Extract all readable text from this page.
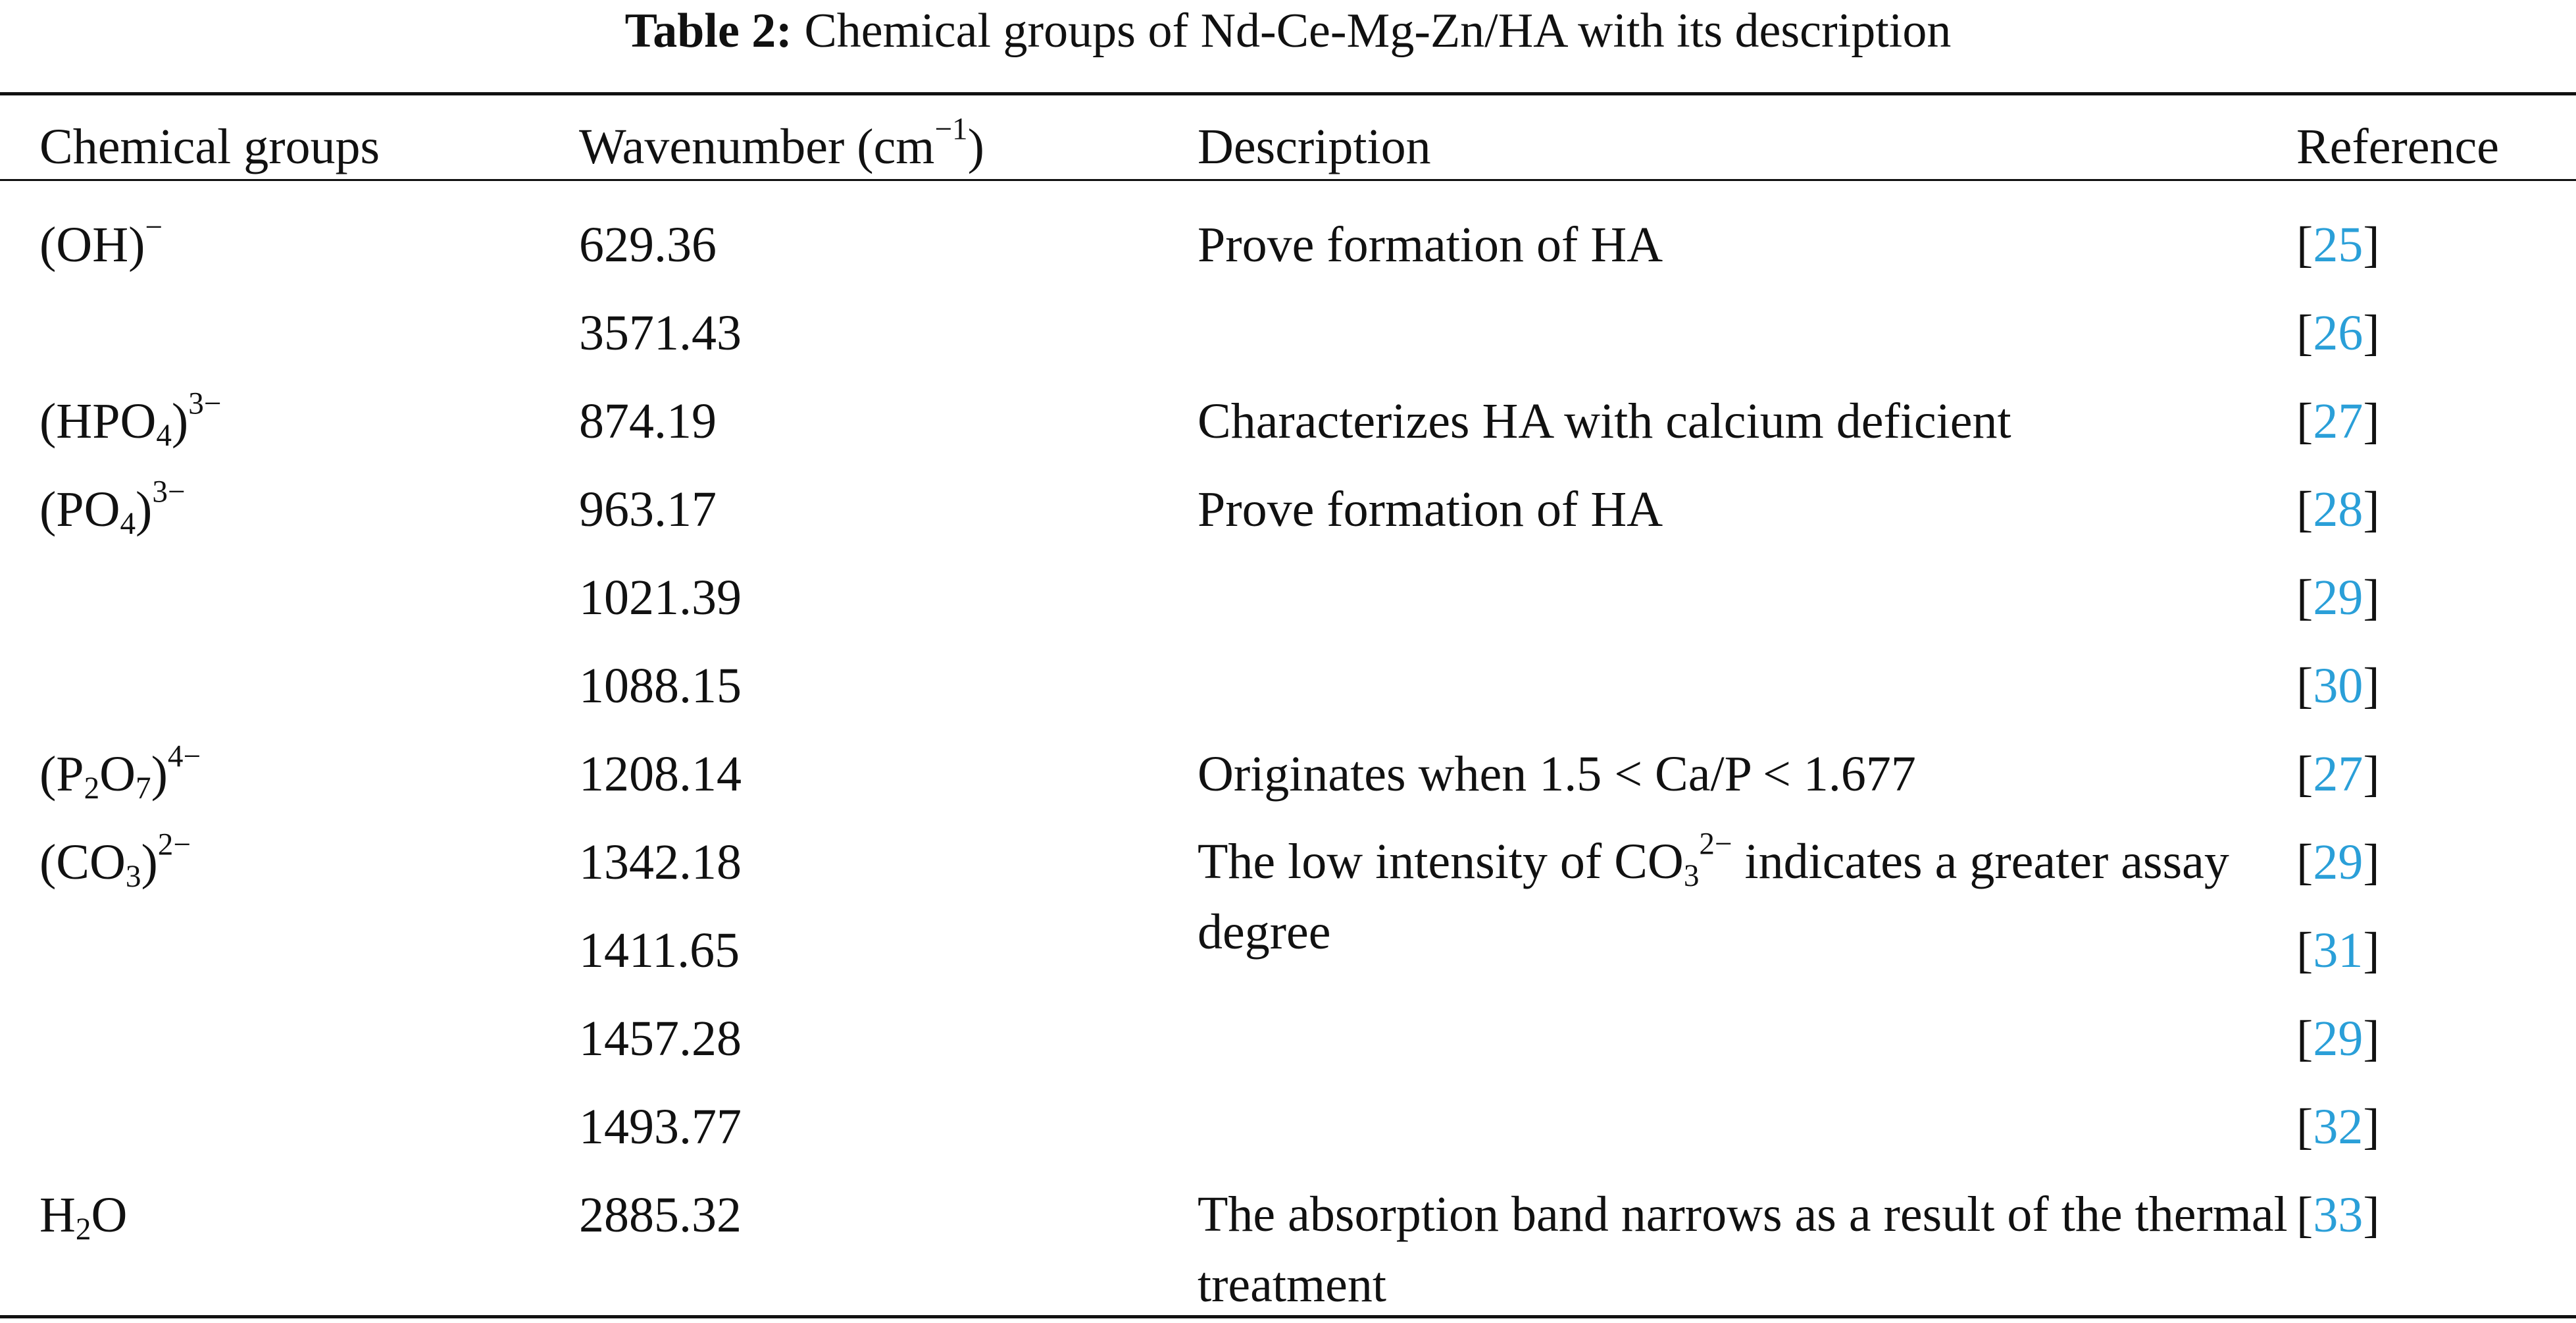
Table 2: Chemical groups of Nd-Ce-Mg-Zn/HA with its description
Chemical groups	Wavenumber $(cm^{-1})$	Description	Reference

(OH)−	629.36	Prove formation of HA	[25]
	3571.43		[26]
$(HPO_4)^{3-}$	874.19	Characterizes HA with calcium deficient	[27]
$(PO_4)^{3-}$	963.17	Prove formation of HA	[28]
	1021.39		[29]
	1088.15		[30]
$(P_2O_7)^{4-}$	1208.14	Originates when 1.5 < Ca/P < 1.677	[27]
$(CO_3)^{2-}$	1342.18	The low intensity of $CO_3^{2-}$ indicates a greater assay degree	[29]
	1411.65		[31]
	1457.28		[29]
	1493.77		[32]
$H_2O$	2885.32	The absorption band narrows as a result of the thermal treatment	[33]
